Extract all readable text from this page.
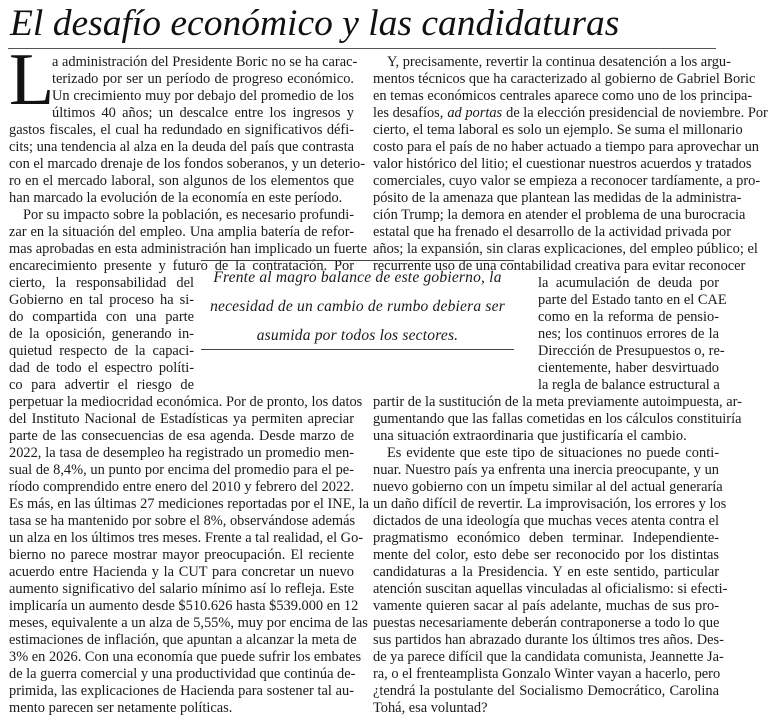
El desafío económico y las candidaturas
L
a administración del Presidente Boric no se ha carac-
terizado por ser un período de progreso económico.
Un crecimiento muy por debajo del promedio de los
últimos 40 años; un descalce entre los ingresos y
gastos fiscales, el cual ha redundado en significativos défi-
cits; una tendencia al alza en la deuda del país que contrasta
con el marcado drenaje de los fondos soberanos, y un deterio-
ro en el mercado laboral, son algunos de los elementos que
han marcado la evolución de la economía en este período.
Por su impacto sobre la población, es necesario profundi-
zar en la situación del empleo. Una amplia batería de refor-
mas aprobadas en esta administración han implicado un fuerte
encarecimiento presente y futuro de la contratación. Por
cierto, la responsabilidad del
Gobierno en tal proceso ha si-
do compartida con una parte
de la oposición, generando in-
quietud respecto de la capaci-
dad de todo el espectro políti-
co para advertir el riesgo de
perpetuar la mediocridad económica. Por de pronto, los datos
del Instituto Nacional de Estadísticas ya permiten apreciar
parte de las consecuencias de esa agenda. Desde marzo de
2022, la tasa de desempleo ha registrado un promedio men-
sual de 8,4%, un punto por encima del promedio para el pe-
ríodo comprendido entre enero del 2010 y febrero del 2022.
Es más, en las últimas 27 mediciones reportadas por el INE, la
tasa se ha mantenido por sobre el 8%, observándose además
un alza en los últimos tres meses. Frente a tal realidad, el Go-
bierno no parece mostrar mayor preocupación. El reciente
acuerdo entre Hacienda y la CUT para concretar un nuevo
aumento significativo del salario mínimo así lo refleja. Este
implicaría un aumento desde $510.626 hasta $539.000 en 12
meses, equivalente a un alza de 5,55%, muy por encima de las
estimaciones de inflación, que apuntan a alcanzar la meta de
3% en 2026. Con una economía que puede sufrir los embates
de la guerra comercial y una productividad que continúa de-
primida, las explicaciones de Hacienda para sostener tal au-
mento parecen ser netamente políticas.
Y, precisamente, revertir la continua desatención a los argu-
mentos técnicos que ha caracterizado al gobierno de Gabriel Boric
en temas económicos centrales aparece como uno de los principa-
cierto, el tema laboral es solo un ejemplo. Se suma el millonario
costo para el país de no haber actuado a tiempo para aprovechar un
valor histórico del litio; el cuestionar nuestros acuerdos y tratados
comerciales, cuyo valor se empieza a reconocer tardíamente, a pro-
pósito de la amenaza que plantean las medidas de la administra-
ción Trump; la demora en atender el problema de una burocracia
estatal que ha frenado el desarrollo de la actividad privada por
años; la expansión, sin claras explicaciones, del empleo público; el
recurrente uso de una contabilidad creativa para evitar reconocer
la acumulación de deuda por
parte del Estado tanto en el CAE
como en la reforma de pensio-
nes; los continuos errores de la
Dirección de Presupuestos o, re-
cientemente, haber desvirtuado
la regla de balance estructural a
partir de la sustitución de la meta previamente autoimpuesta, ar-
gumentando que las fallas cometidas en los cálculos constituiría
una situación extraordinaria que justificaría el cambio.
Es evidente que este tipo de situaciones no puede conti-
nuar. Nuestro país ya enfrenta una inercia preocupante, y un
nuevo gobierno con un ímpetu similar al del actual generaría
un daño difícil de revertir. La improvisación, los errores y los
dictados de una ideología que muchas veces atenta contra el
pragmatismo económico deben terminar. Independiente-
mente del color, esto debe ser reconocido por los distintas
candidaturas a la Presidencia. Y en este sentido, particular
atención suscitan aquellas vinculadas al oficialismo: si efecti-
vamente quieren sacar al país adelante, muchas de sus pro-
puestas necesariamente deberán contraponerse a todo lo que
sus partidos han abrazado durante los últimos tres años. Des-
de ya parece difícil que la candidata comunista, Jeannette Ja-
ra, o el frenteamplista Gonzalo Winter vayan a hacerlo, pero
¿tendrá la postulante del Socialismo Democrático, Carolina
Tohá, esa voluntad?
les desafíos, ad portas de la elección presidencial de noviembre. Por
Frente al magro balance de este gobierno, la
necesidad de un cambio de rumbo debiera ser
asumida por todos los sectores.
